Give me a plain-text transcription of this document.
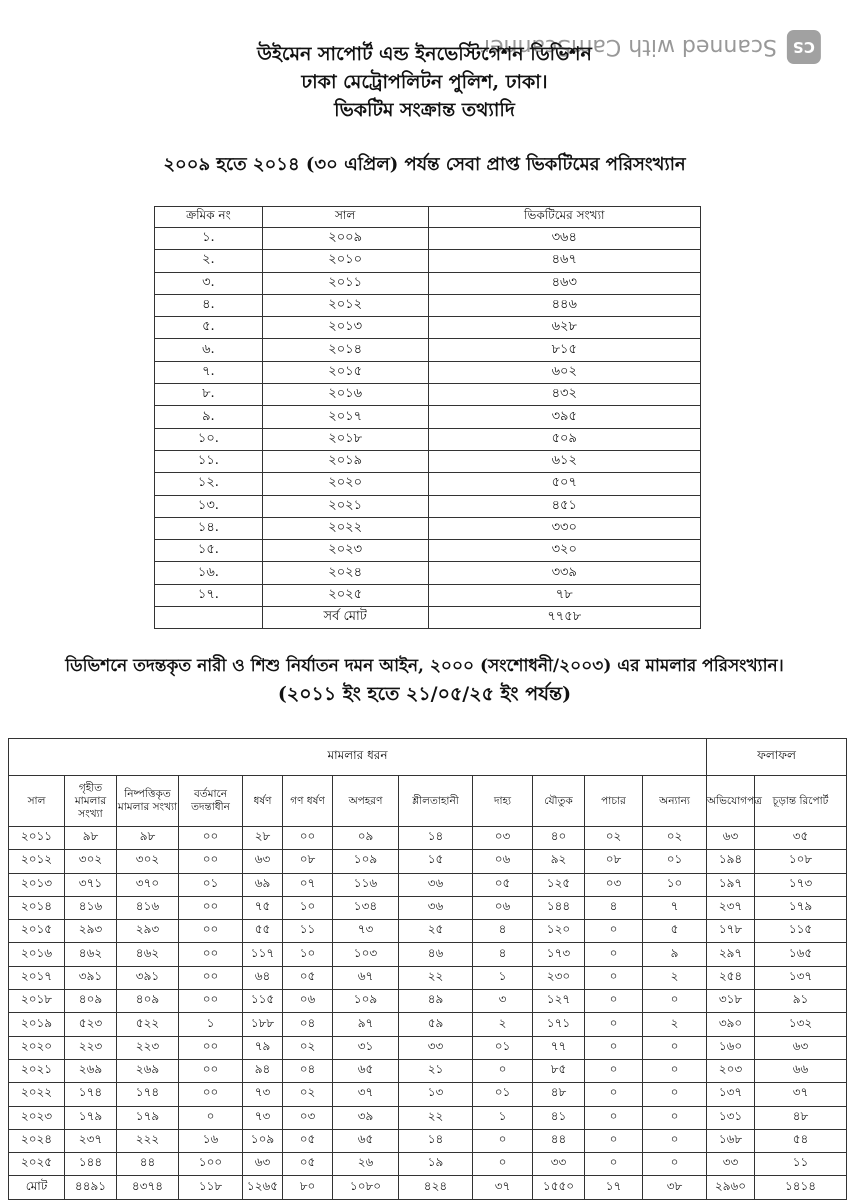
CS
Scanned with CamScanner
উইমেন সাপোর্ট এন্ড ইনভেস্টিগেশন ডিভিশন
ঢাকা মেট্রোপলিটন পুলিশ, ঢাকা।
ভিকটিম সংক্রান্ত তথ্যাদি
২০০৯ হতে ২০১৪ (৩০ এপ্রিল) পর্যন্ত সেবা প্রাপ্ত ভিকটিমের পরিসংখ্যান
ক্রমিক নং	সাল	ভিকটিমের সংখ্যা
১.	২০০৯	৩৬৪
২.	২০১০	৪৬৭
৩.	২০১১	৪৬৩
৪.	২০১২	৪৪৬
৫.	২০১৩	৬২৮
৬.	২০১৪	৮১৫
৭.	২০১৫	৬০২
৮.	২০১৬	৪৩২
৯.	২০১৭	৩৯৫
১০.	২০১৮	৫০৯
১১.	২০১৯	৬১২
১২.	২০২০	৫০৭
১৩.	২০২১	৪৫১
১৪.	২০২২	৩৩০
১৫.	২০২৩	৩২০
১৬.	২০২৪	৩৩৯
১৭.	২০২৫	৭৮
	সর্ব মোট	৭৭৫৮
ডিভিশনে তদন্তকৃত নারী ও শিশু নির্যাতন দমন আইন, ২০০০ (সংশোধনী/২০০৩) এর মামলার পরিসংখ্যান।
(২০১১ ইং হতে ২১/০৫/২৫ ইং পর্যন্ত)
মামলার ধরন												ফলাফল	
সাল	গৃহীত মামলার সংখ্যা	নিষ্পত্তিকৃত মামলার সংখ্যা	বর্তমানে তদন্তাধীন	ধর্ষণ	গণ ধর্ষণ	অপহরণ	শ্লীলতাহানী	দাহ্য	যৌতুক	পাচার	অন্যান্য	অভিযোগপত্র	চূড়ান্ত রিপোর্ট
২০১১	৯৮	৯৮	০০	২৮	০০	০৯	১৪	০৩	৪০	০২	০২	৬৩	৩৫
২০১২	৩০২	৩০২	০০	৬৩	০৮	১০৯	১৫	০৬	৯২	০৮	০১	১৯৪	১০৮
২০১৩	৩৭১	৩৭০	০১	৬৯	০৭	১১৬	৩৬	০৫	১২৫	০৩	১০	১৯৭	১৭৩
২০১৪	৪১৬	৪১৬	০০	৭৫	১০	১৩৪	৩৬	০৬	১৪৪	৪	৭	২৩৭	১৭৯
২০১৫	২৯৩	২৯৩	০০	৫৫	১১	৭৩	২৫	৪	১২০	০	৫	১৭৮	১১৫
২০১৬	৪৬২	৪৬২	০০	১১৭	১০	১০৩	৪৬	৪	১৭৩	০	৯	২৯৭	১৬৫
২০১৭	৩৯১	৩৯১	০০	৬৪	০৫	৬৭	২২	১	২৩০	০	২	২৫৪	১৩৭
২০১৮	৪০৯	৪০৯	০০	১১৫	০৬	১০৯	৪৯	৩	১২৭	০	০	৩১৮	৯১
২০১৯	৫২৩	৫২২	১	১৮৮	০৪	৯৭	৫৯	২	১৭১	০	২	৩৯০	১৩২
২০২০	২২৩	২২৩	০০	৭৯	০২	৩১	৩৩	০১	৭৭	০	০	১৬০	৬৩
২০২১	২৬৯	২৬৯	০০	৯৪	০৪	৬৫	২১	০	৮৫	০	০	২০৩	৬৬
২০২২	১৭৪	১৭৪	০০	৭৩	০২	৩৭	১৩	০১	৪৮	০	০	১৩৭	৩৭
২০২৩	১৭৯	১৭৯	০	৭৩	০৩	৩৯	২২	১	৪১	০	০	১৩১	৪৮
২০২৪	২৩৭	২২২	১৬	১০৯	০৫	৬৫	১৪	০	৪৪	০	০	১৬৮	৫৪
২০২৫	১৪৪	৪৪	১০০	৬৩	০৫	২৬	১৯	০	৩৩	০	০	৩৩	১১
মোট	৪৪৯১	৪৩৭৪	১১৮	১২৬৫	৮০	১০৮০	৪২৪	৩৭	১৫৫০	১৭	৩৮	২৯৬০	১৪১৪
